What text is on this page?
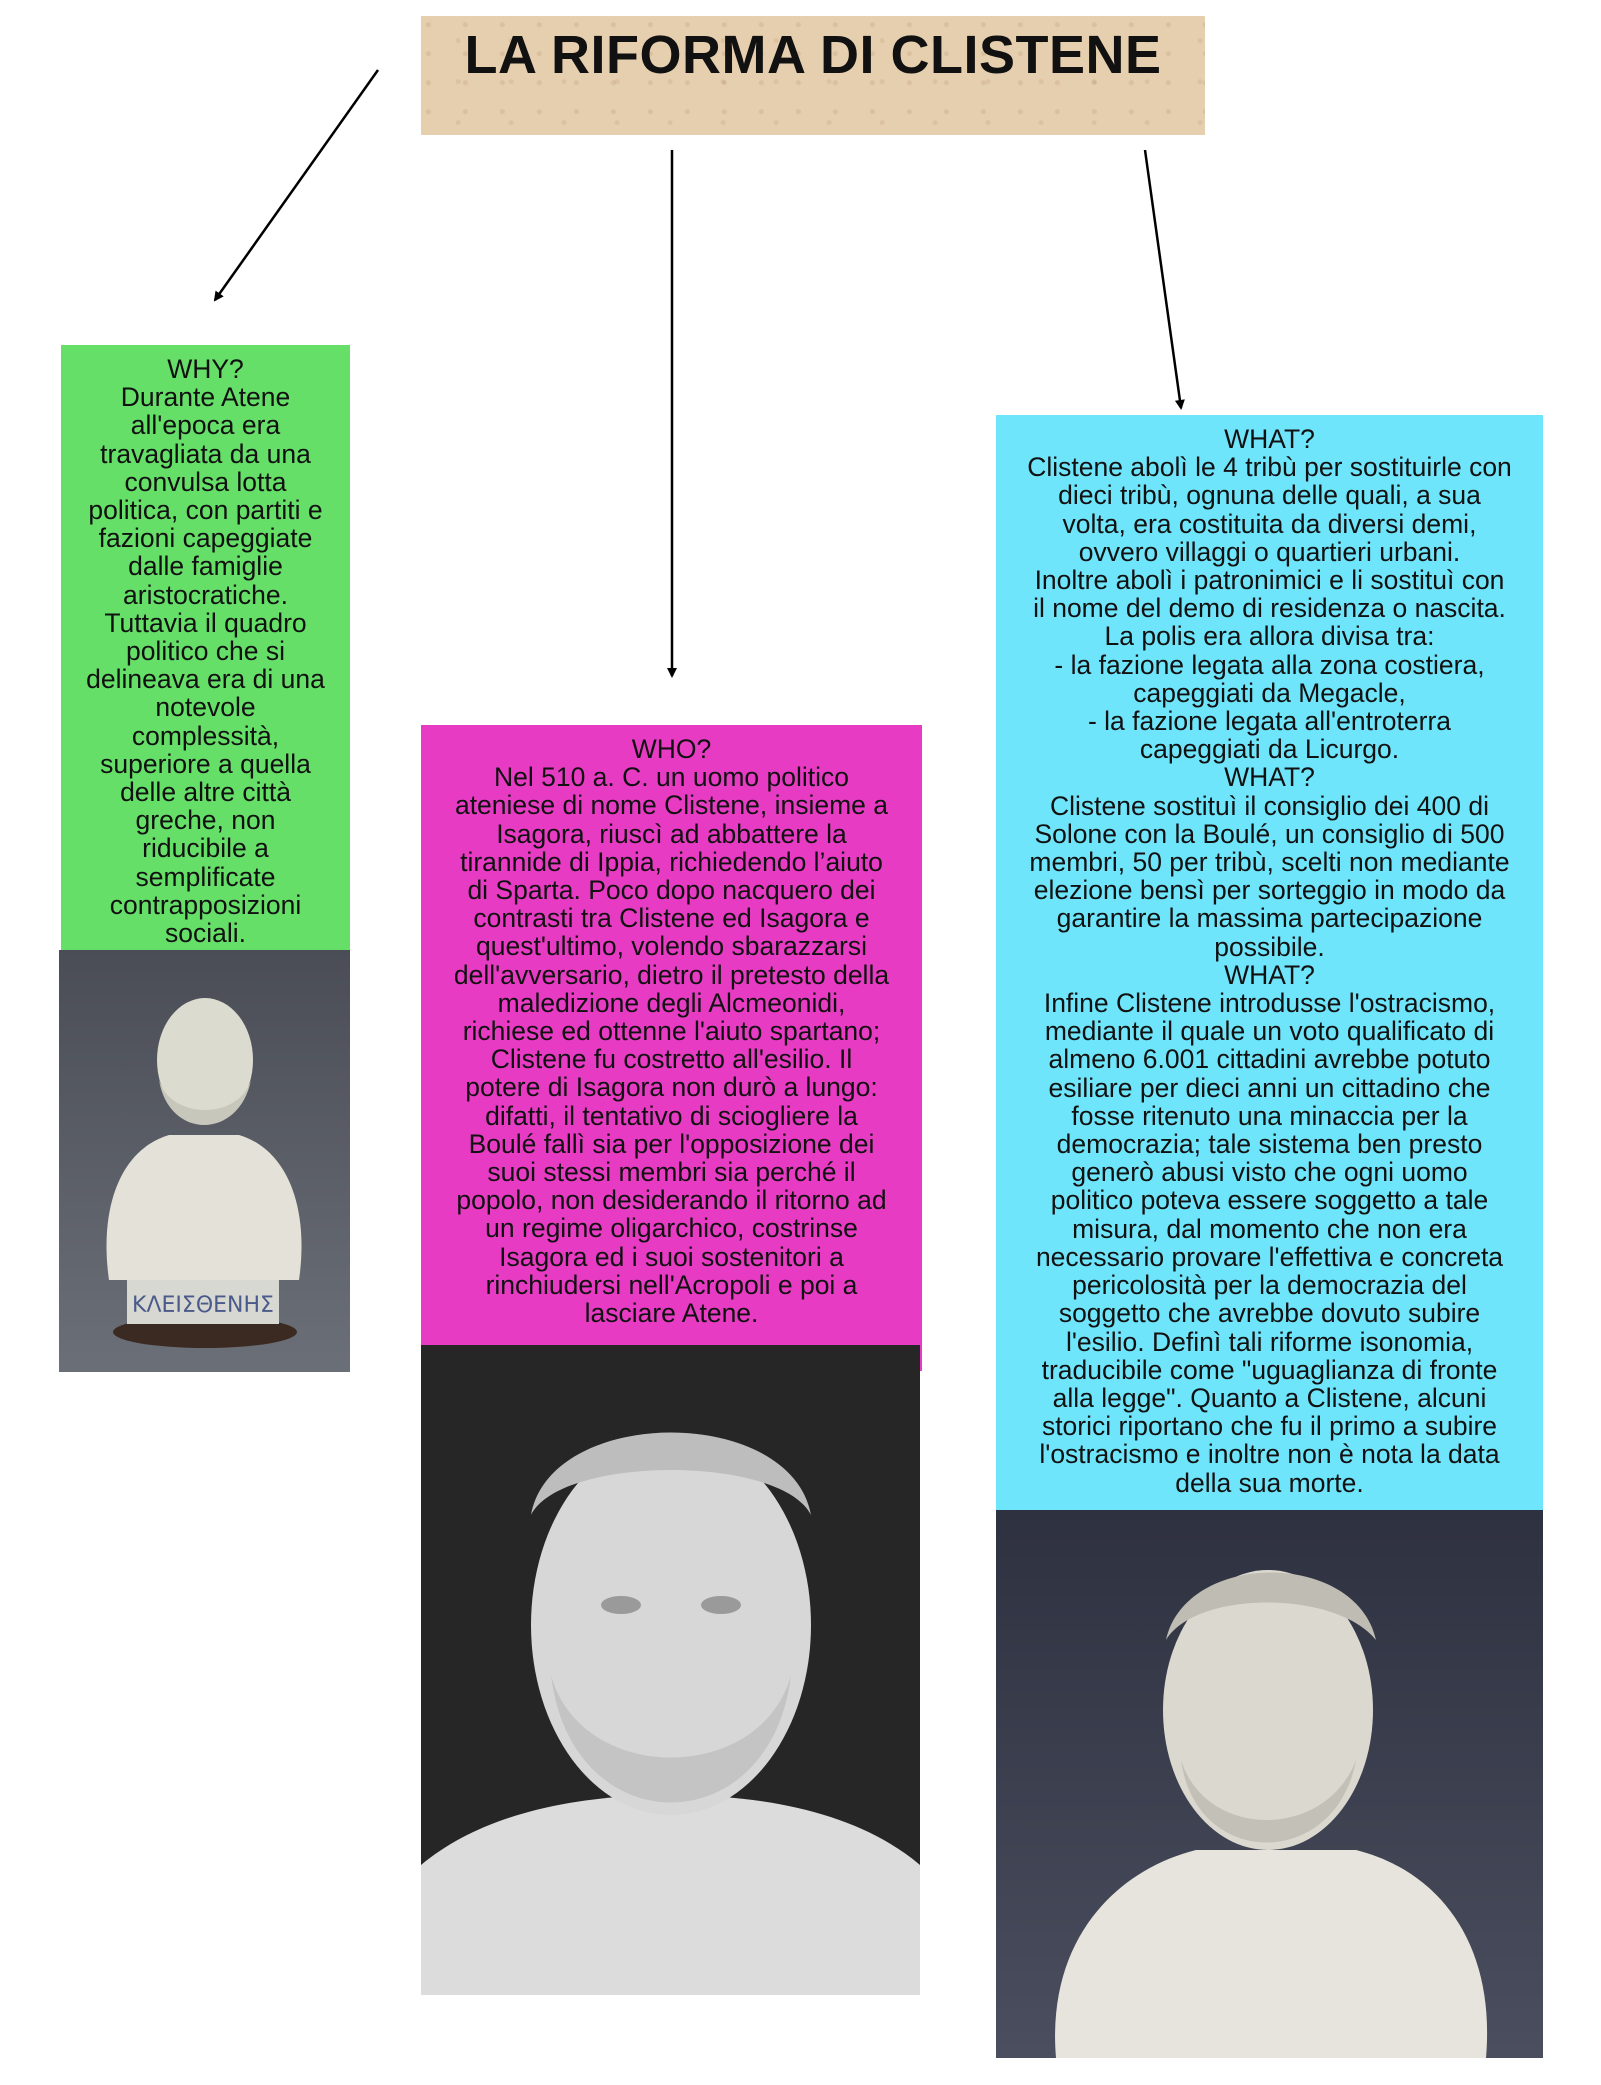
LA RIFORMA DI CLISTENE
WHY?
Durante Atene
all'epoca era
travagliata da una
convulsa lotta
politica, con partiti e
fazioni capeggiate
dalle famiglie
aristocratiche.
Tuttavia il quadro
politico che si
delineava era di una
notevole
complessità,
superiore a quella
delle altre città
greche, non
riducibile a
semplificate
contrapposizioni
sociali.
ΚΛΕΙΣΘΕΝΗΣ
WHO?
Nel 510 a. C. un uomo politico
ateniese di nome Clistene, insieme a
Isagora, riuscì ad abbattere la
tirannide di Ippia, richiedendo l’aiuto
di Sparta. Poco dopo nacquero dei
contrasti tra Clistene ed Isagora e
quest'ultimo, volendo sbarazzarsi
dell'avversario, dietro il pretesto della
maledizione degli Alcmeonidi,
richiese ed ottenne l'aiuto spartano;
Clistene fu costretto all'esilio. Il
potere di Isagora non durò a lungo:
difatti, il tentativo di sciogliere la
Boulé fallì sia per l'opposizione dei
suoi stessi membri sia perché il
popolo, non desiderando il ritorno ad
un regime oligarchico, costrinse
Isagora ed i suoi sostenitori a
rinchiudersi nell'Acropoli e poi a
lasciare Atene.
WHAT?
Clistene abolì le 4 tribù per sostituirle con
dieci tribù, ognuna delle quali, a sua
volta, era costituita da diversi demi,
ovvero villaggi o quartieri urbani.
Inoltre abolì i patronimici e li sostituì con
il nome del demo di residenza o nascita.
La polis era allora divisa tra:
- la fazione legata alla zona costiera,
capeggiati da Megacle,
- la fazione legata all'entroterra
capeggiati da Licurgo.
WHAT?
Clistene sostituì il consiglio dei 400 di
Solone con la Boulé, un consiglio di 500
membri, 50 per tribù, scelti non mediante
elezione bensì per sorteggio in modo da
garantire la massima partecipazione
possibile.
WHAT?
Infine Clistene introdusse l'ostracismo,
mediante il quale un voto qualificato di
almeno 6.001 cittadini avrebbe potuto
esiliare per dieci anni un cittadino che
fosse ritenuto una minaccia per la
democrazia; tale sistema ben presto
generò abusi visto che ogni uomo
politico poteva essere soggetto a tale
misura, dal momento che non era
necessario provare l'effettiva e concreta
pericolosità per la democrazia del
soggetto che avrebbe dovuto subire
l'esilio. Definì tali riforme isonomia,
traducibile come "uguaglianza di fronte
alla legge". Quanto a Clistene, alcuni
storici riportano che fu il primo a subire
l'ostracismo e inoltre non è nota la data
della sua morte.
